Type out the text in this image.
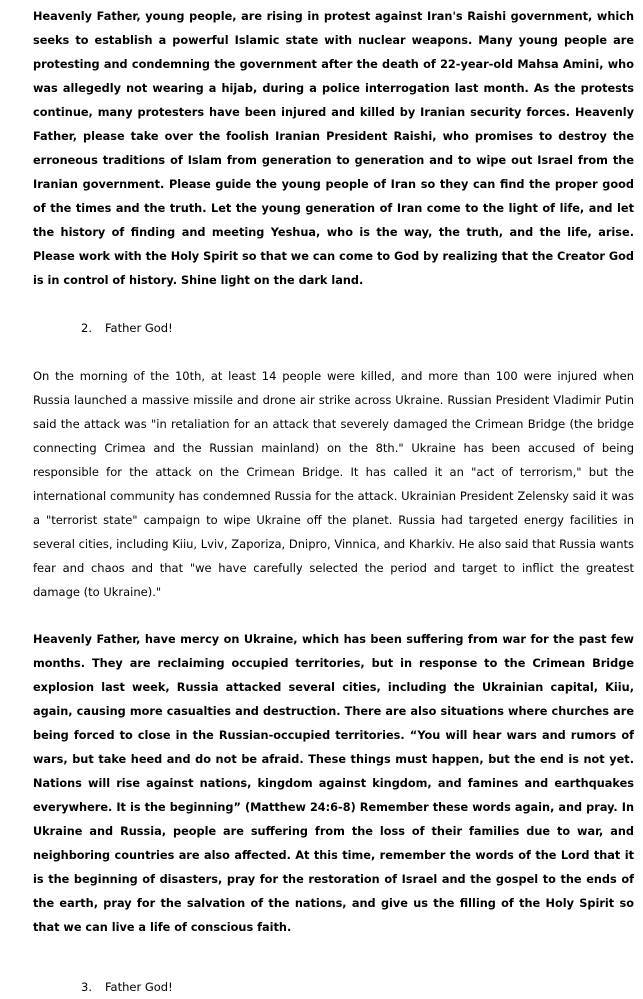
Heavenly Father, young people, are rising in protest against Iran's Raishi government, which seeks to establish a powerful Islamic state with nuclear weapons. Many young people are protesting and condemning the government after the death of 22-year-old Mahsa Amini, who was allegedly not wearing a hijab, during a police interrogation last month. As the protests continue, many protesters have been injured and killed by Iranian security forces. Heavenly Father, please take over the foolish Iranian President Raishi, who promises to destroy the erroneous traditions of Islam from generation to generation and to wipe out Israel from the Iranian government. Please guide the young people of Iran so they can find the proper good of the times and the truth. Let the young generation of Iran come to the light of life, and let the history of finding and meeting Yeshua, who is the way, the truth, and the life, arise. Please work with the Holy Spirit so that we can come to God by realizing that the Creator God is in control of history. Shine light on the dark land.

2.	Father God!

On the morning of the 10th, at least 14 people were killed, and more than 100 were injured when Russia launched a massive missile and drone air strike across Ukraine. Russian President Vladimir Putin said the attack was "in retaliation for an attack that severely damaged the Crimean Bridge (the bridge connecting Crimea and the Russian mainland) on the 8th." Ukraine has been accused of being responsible for the attack on the Crimean Bridge. It has called it an "act of terrorism," but the international community has condemned Russia for the attack. Ukrainian President Zelensky said it was a "terrorist state" campaign to wipe Ukraine off the planet. Russia had targeted energy facilities in several cities, including Kiiu, Lviv, Zaporiza, Dnipro, Vinnica, and Kharkiv. He also said that Russia wants fear and chaos and that "we have carefully selected the period and target to inflict the greatest damage (to Ukraine)."

Heavenly Father, have mercy on Ukraine, which has been suffering from war for the past few months. They are reclaiming occupied territories, but in response to the Crimean Bridge explosion last week, Russia attacked several cities, including the Ukrainian capital, Kiiu, again, causing more casualties and destruction. There are also situations where churches are being forced to close in the Russian-occupied territories. “You will hear wars and rumors of wars, but take heed and do not be afraid. These things must happen, but the end is not yet. Nations will rise against nations, kingdom against kingdom, and famines and earthquakes everywhere. It is the beginning” (Matthew 24:6-8) Remember these words again, and pray. In Ukraine and Russia, people are suffering from the loss of their families due to war, and neighboring countries are also affected. At this time, remember the words of the Lord that it is the beginning of disasters, pray for the restoration of Israel and the gospel to the ends of the earth, pray for the salvation of the nations, and give us the filling of the Holy Spirit so that we can live a life of conscious faith.

3.	Father God!
